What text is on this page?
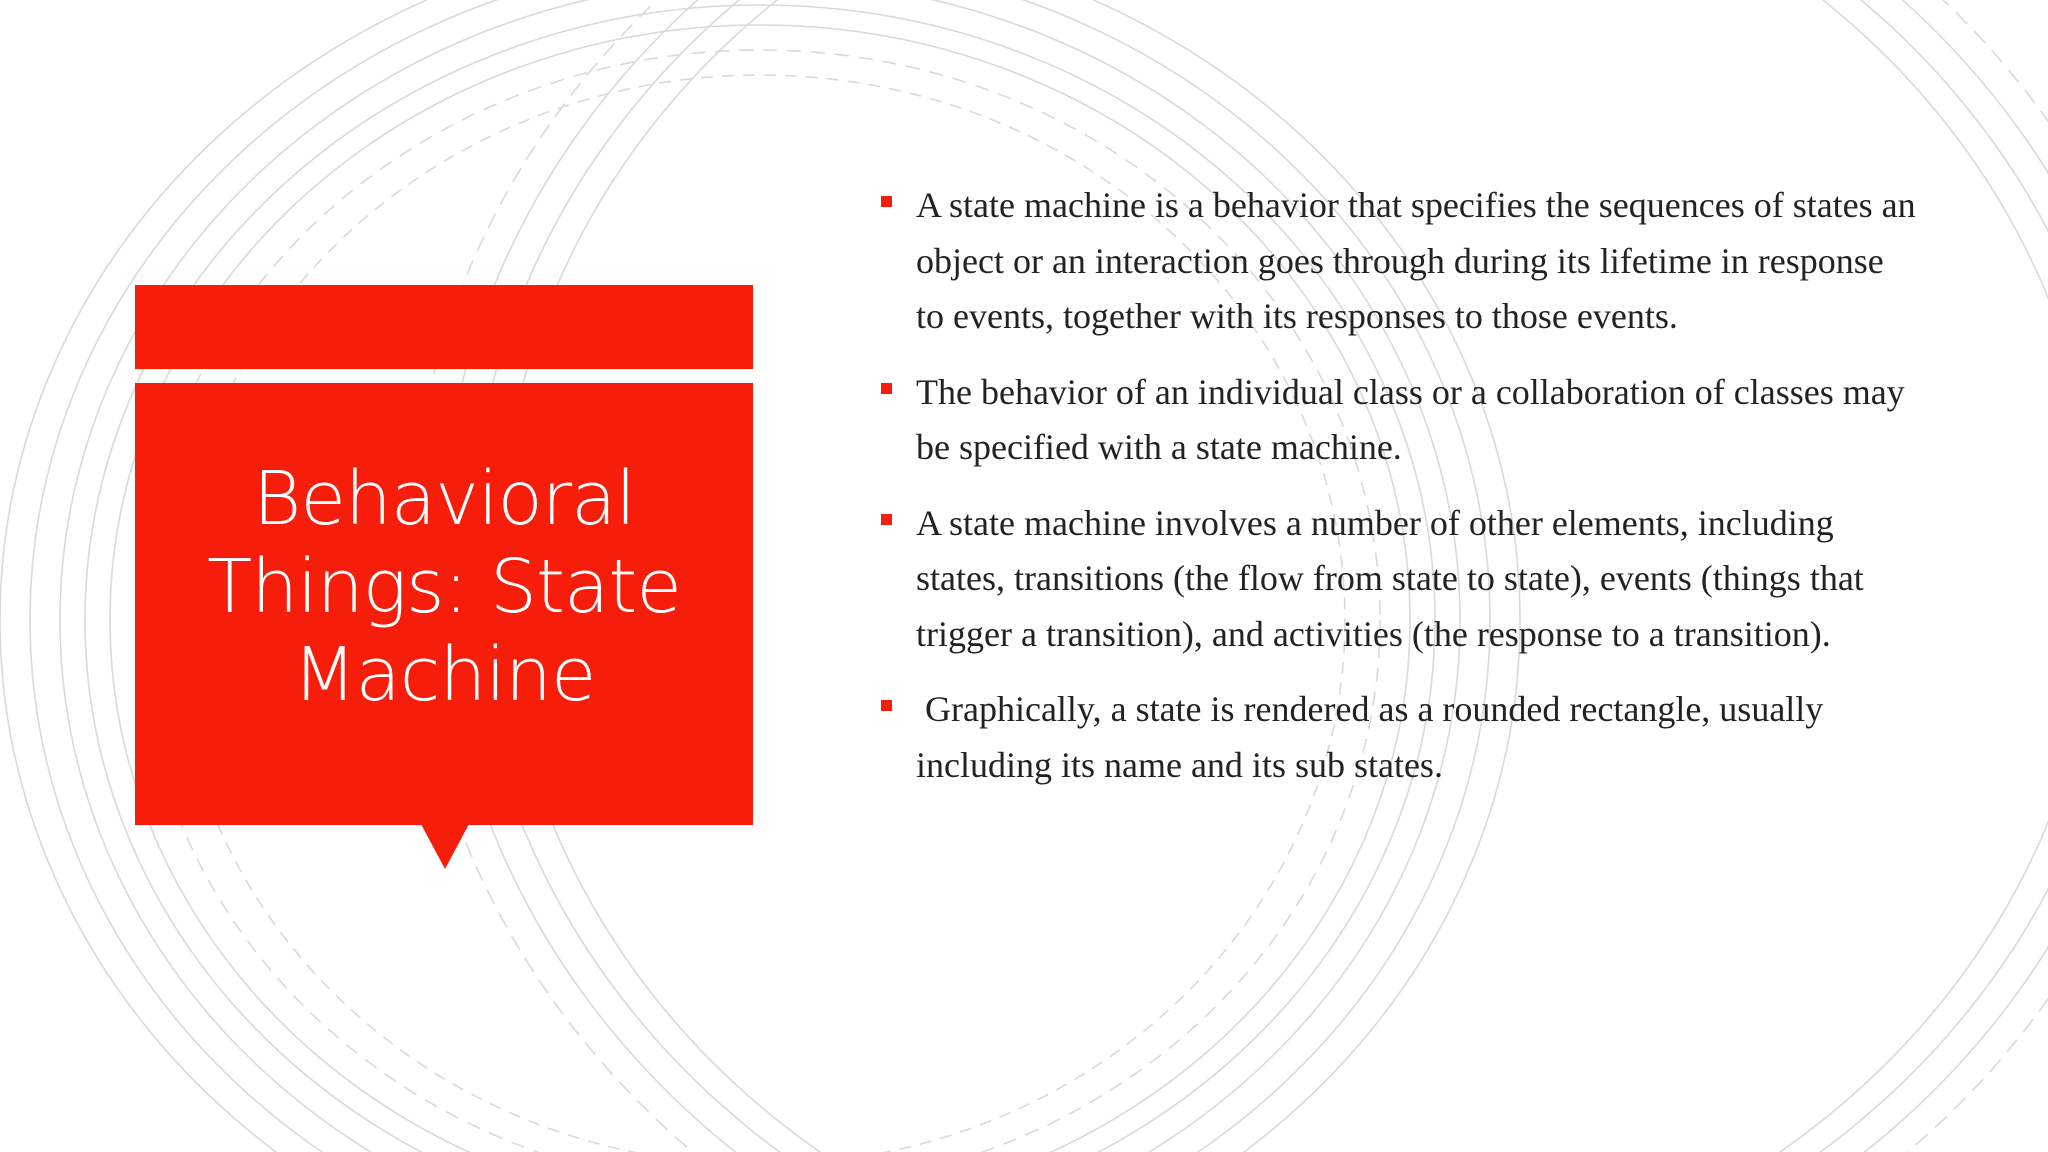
Behavioral Things: State Machine
A state machine is a behavior that specifies the sequences of states an object or an interaction goes through during its lifetime in response to events, together with its responses to those events.
The behavior of an individual class or a collaboration of classes may be specified with a state machine.
A state machine involves a number of other elements, including states, transitions (the flow from state to state), events (things that trigger a transition), and activities (the response to a transition).
Graphically, a state is rendered as a rounded rectangle, usually including its name and its sub states.
